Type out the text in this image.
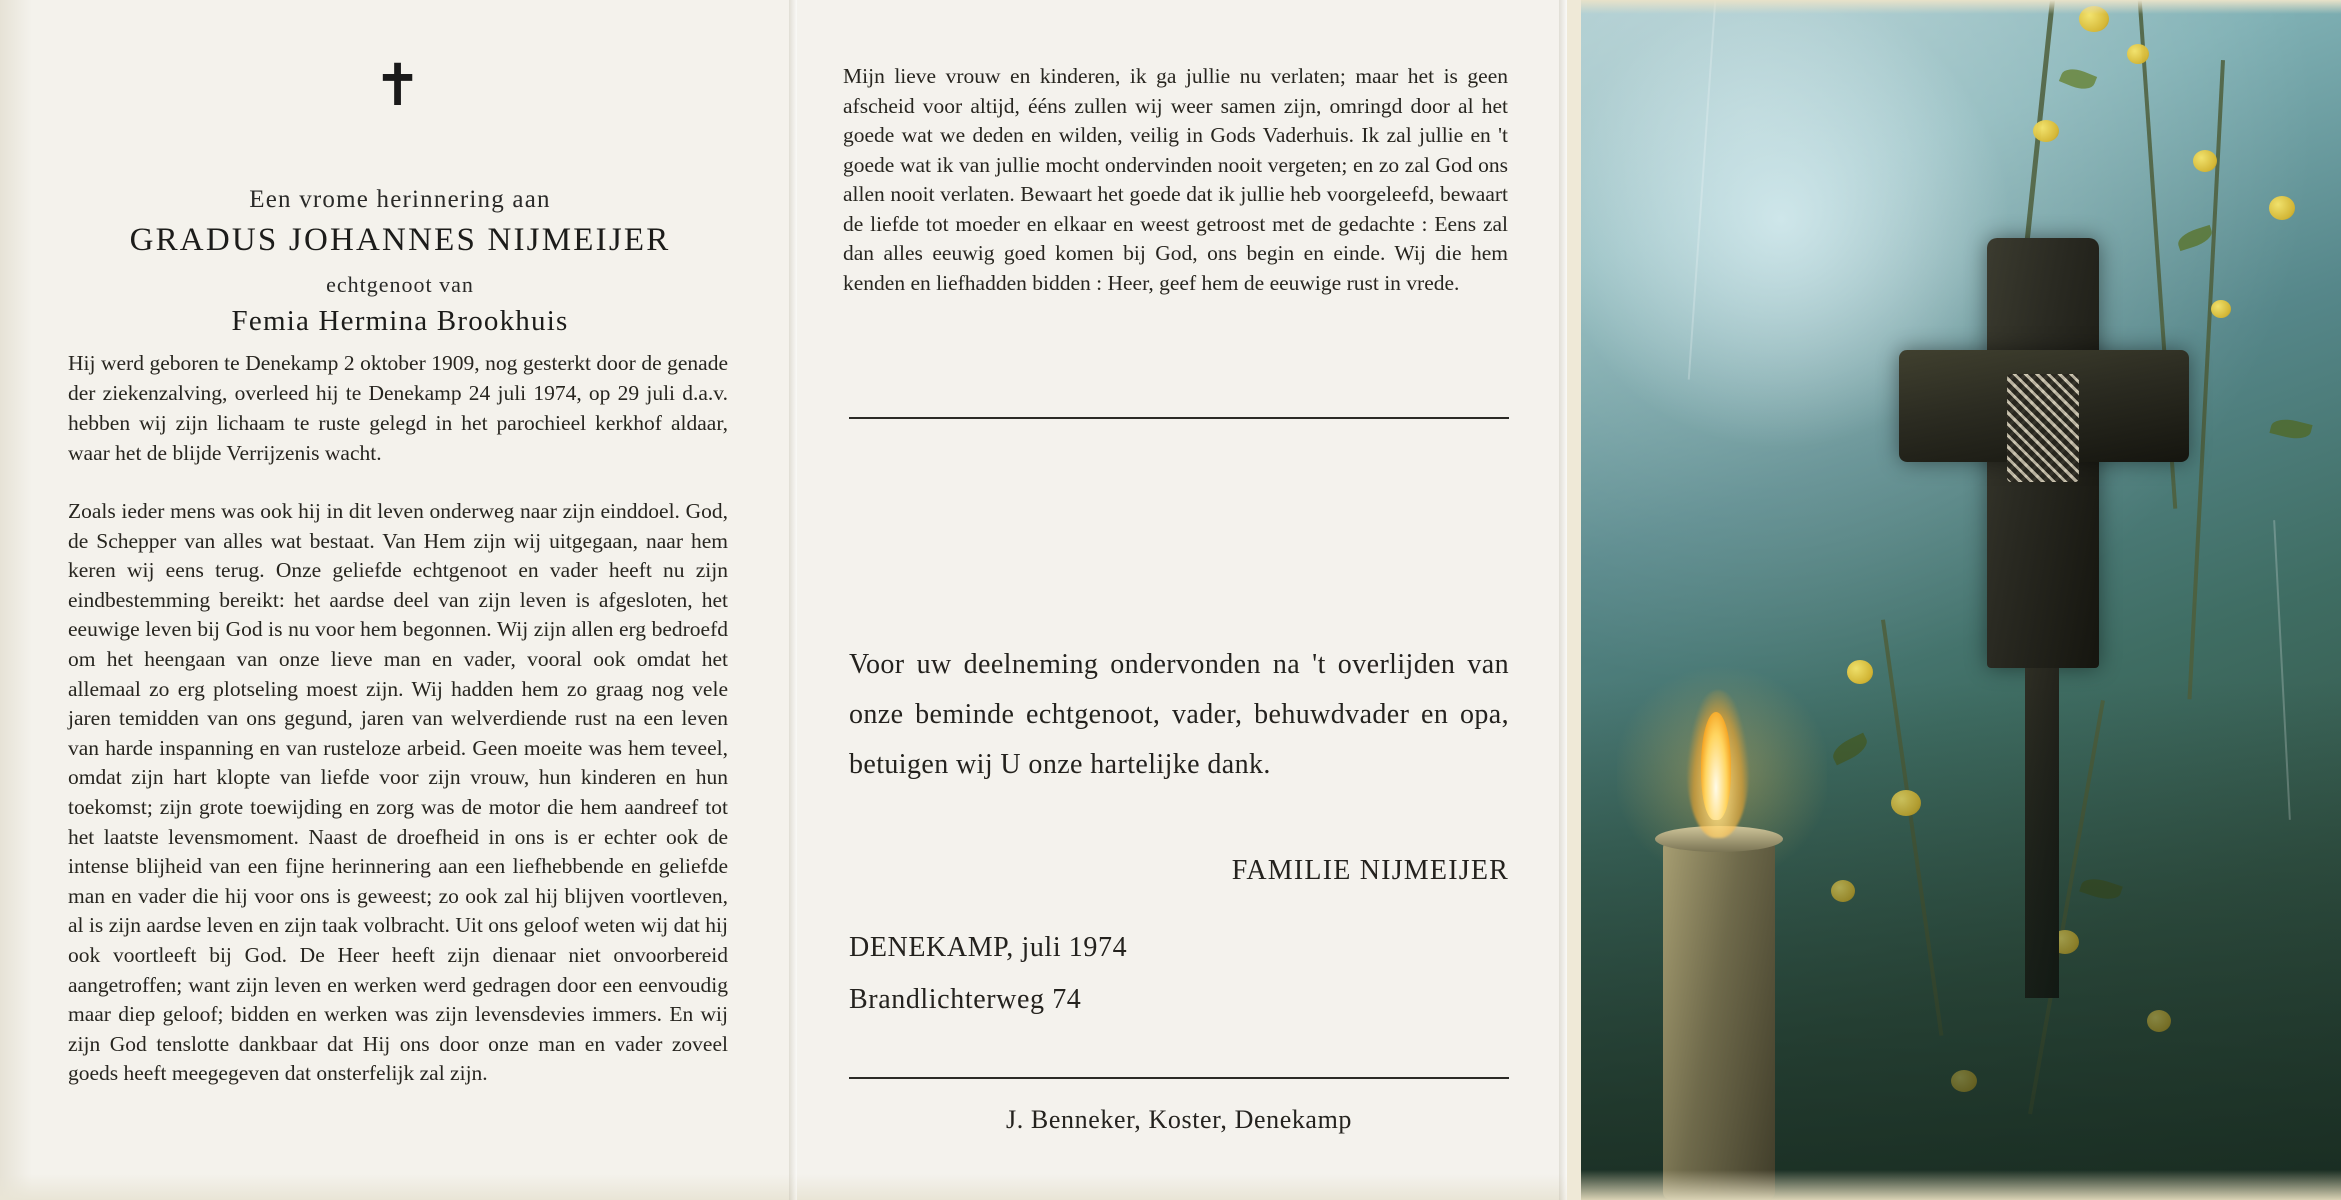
✝
Een vrome herinnering aan
GRADUS JOHANNES NIJMEIJER
echtgenoot van
Femia Hermina Brookhuis
Hij werd geboren te Denekamp 2 oktober 1909, nog gesterkt door de genade der ziekenzalving, overleed hij te Denekamp 24 juli 1974, op 29 juli d.a.v. hebben wij zijn lichaam te ruste gelegd in het parochieel kerkhof aldaar, waar het de blijde Verrijzenis wacht.
Zoals ieder mens was ook hij in dit leven onderweg naar zijn einddoel. God, de Schepper van alles wat bestaat. Van Hem zijn wij uitgegaan, naar hem keren wij eens terug. Onze geliefde echtgenoot en vader heeft nu zijn eindbestemming bereikt: het aardse deel van zijn leven is afgesloten, het eeuwige leven bij God is nu voor hem begonnen. Wij zijn allen erg bedroefd om het heengaan van onze lieve man en vader, vooral ook omdat het allemaal zo erg plotseling moest zijn. Wij hadden hem zo graag nog vele jaren temidden van ons gegund, jaren van welverdiende rust na een leven van harde inspanning en van rusteloze arbeid. Geen moeite was hem teveel, omdat zijn hart klopte van liefde voor zijn vrouw, hun kinderen en hun toekomst; zijn grote toewijding en zorg was de motor die hem aandreef tot het laatste levensmoment. Naast de droefheid in ons is er echter ook de intense blijheid van een fijne herinnering aan een liefhebbende en geliefde man en vader die hij voor ons is geweest; zo ook zal hij blijven voortleven, al is zijn aardse leven en zijn taak volbracht. Uit ons geloof weten wij dat hij ook voortleeft bij God. De Heer heeft zijn dienaar niet onvoorbereid aangetroffen; want zijn leven en werken werd gedragen door een eenvoudig maar diep geloof; bidden en werken was zijn levensdevies immers. En wij zijn God tenslotte dankbaar dat Hij ons door onze man en vader zoveel goeds heeft meegegeven dat onsterfelijk zal zijn.
Mijn lieve vrouw en kinderen, ik ga jullie nu verlaten; maar het is geen afscheid voor altijd, ééns zullen wij weer samen zijn, omringd door al het goede wat we deden en wilden, veilig in Gods Vaderhuis. Ik zal jullie en 't goede wat ik van jullie mocht ondervinden nooit vergeten; en zo zal God ons allen nooit verlaten. Bewaart het goede dat ik jullie heb voorgeleefd, bewaart de liefde tot moeder en elkaar en weest getroost met de gedachte : Eens zal dan alles eeuwig goed komen bij God, ons begin en einde. Wij die hem kenden en liefhadden bidden : Heer, geef hem de eeuwige rust in vrede.
Voor uw deelneming ondervonden na 't overlijden van onze beminde echtgenoot, vader, behuwdvader en opa, betuigen wij U onze hartelijke dank.
FAMILIE NIJMEIJER
DENEKAMP, juli 1974
Brandlichterweg 74
J. Benneker, Koster, Denekamp
